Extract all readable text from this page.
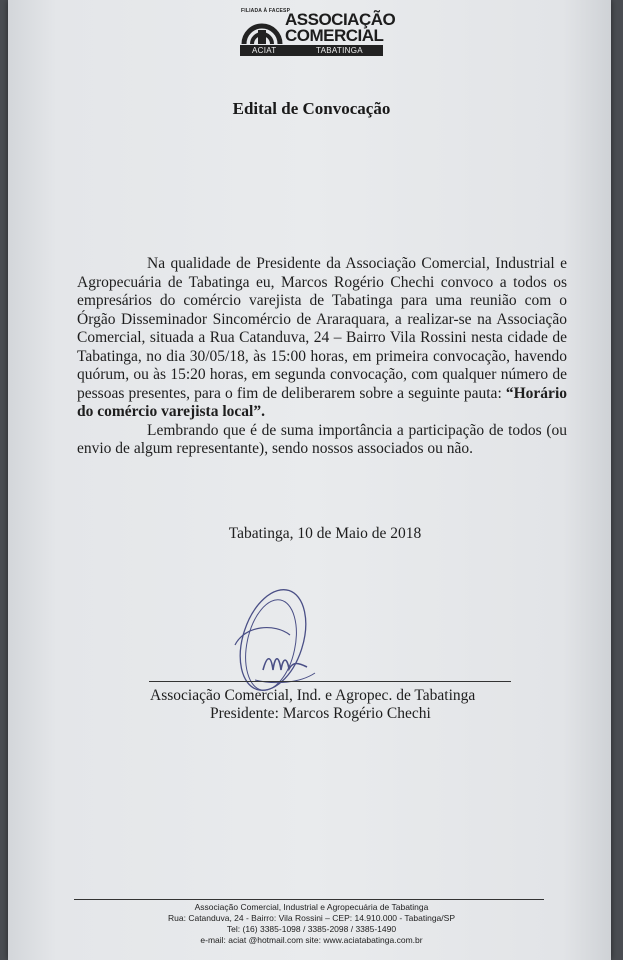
FILIADA À FACESP
ASSOCIAÇÃO
COMERCIAL
ACIAT	TABATINGA
Edital de Convocação

Na qualidade de Presidente da Associação Comercial, Industrial e Agropecuária de Tabatinga eu, Marcos Rogério Chechi convoco a todos os empresários do comércio varejista de Tabatinga para uma reunião com o Órgão Disseminador Sincomércio de Araraquara, a realizar-se na Associação Comercial, situada a Rua Catanduva, 24 – Bairro Vila Rossini nesta cidade de Tabatinga, no dia 30/05/18, às 15:00 horas, em primeira convocação, havendo quórum, ou às 15:20 horas, em segunda convocação, com qualquer número de pessoas presentes, para o fim de deliberarem sobre a seguinte pauta: “Horário do comércio varejista local”.

Lembrando que é de suma importância a participação de todos (ou envio de algum representante), sendo nossos associados ou não.

Tabatinga, 10 de Maio de 2018
Associação Comercial, Ind. e Agropec. de Tabatinga
Presidente: Marcos Rogério Chechi
Associação Comercial, Industrial e Agropecuária de Tabatinga
Rua: Catanduva, 24 - Bairro: Vila Rossini – CEP: 14.910.000 - Tabatinga/SP
Tel: (16) 3385-1098 / 3385-2098 / 3385-1490
e-mail: aciat @hotmail.com site: www.aciatabatinga.com.br
